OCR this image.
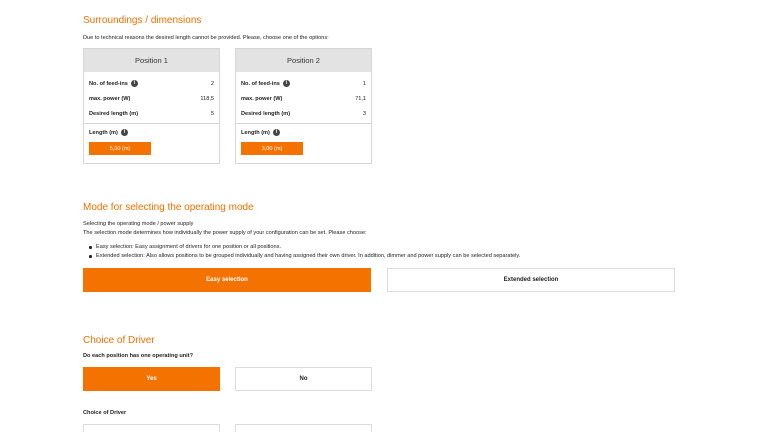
Surroundings / dimensions
Due to technical reasons the desired length cannot be provided. Please, choose one of the options:
Position 1
No. of feed-ins i	2
max. power (W)	118,5
Desired length (m)	5
Length (m)	i
5,00 (m)
Position 2
No. of feed-ins i	1
max. power (W)	71,1
Desired length (m)	3
Length (m)	i
3,00 (m)
Mode for selecting the operating mode
Selecting the operating mode / power supply
The selection mode determines how individually the power supply of your configuration can be set. Please choose:
Easy selection: Easy assignment of drivers for one position or all positions.
Extended selection: Also allows positions to be grouped individually and having assigned their own driver. In addition, dimmer and power supply can be selected separately.
Easy selection	Extended selection
Choice of Driver
Do each position has one operating unit?
Yes	No
Choice of Driver
